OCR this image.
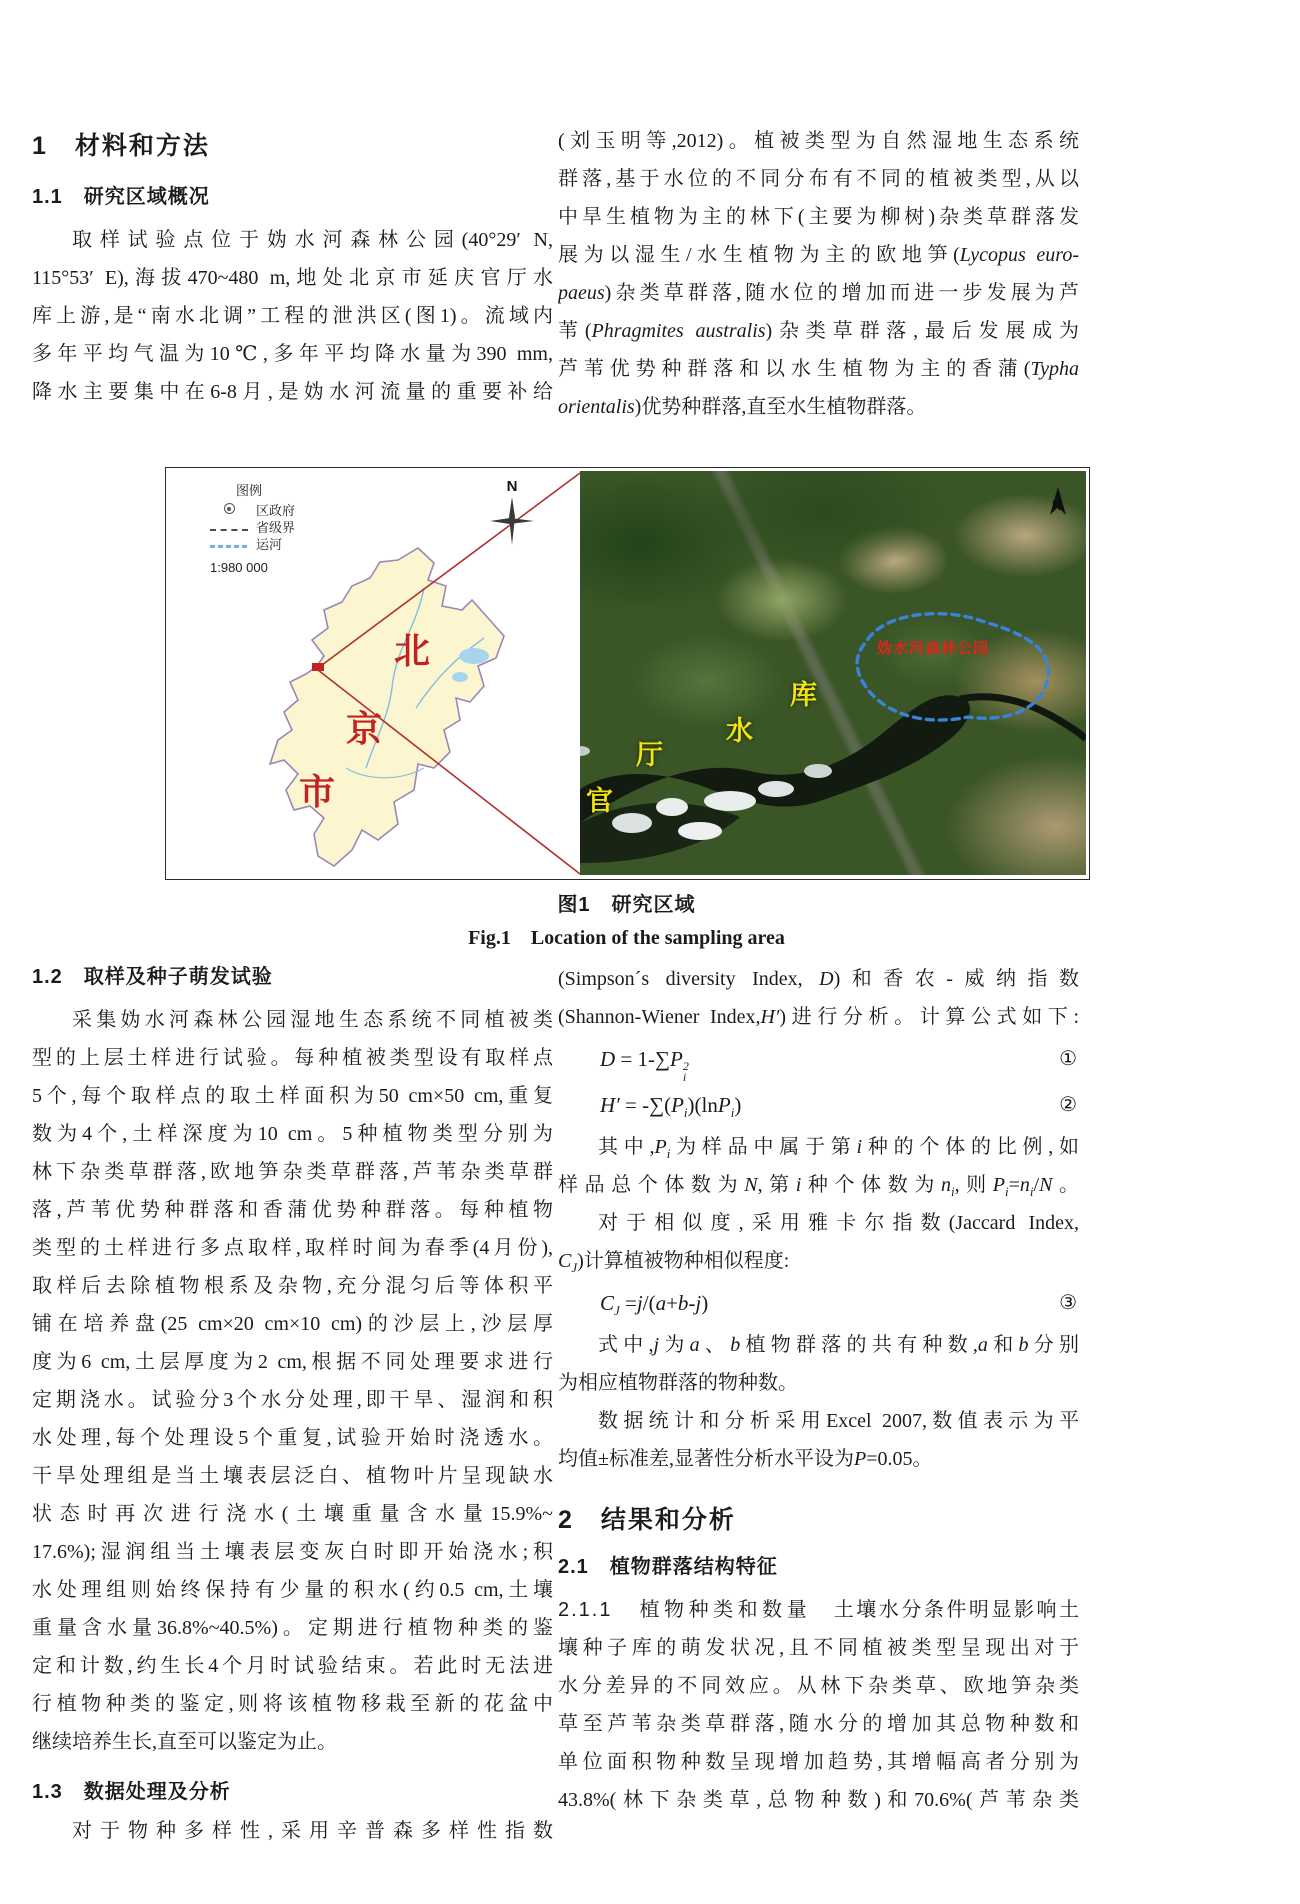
1　材料和方法
1.1　研究区域概况
取样试验点位于妫水河森林公园(40°29′ N,
115°53′ E),海拔470~480 m,地处北京市延庆官厅水
库上游,是“南水北调”工程的泄洪区(图1)。流域内
多年平均气温为10℃,多年平均降水量为390 mm,
降水主要集中在6-8月,是妫水河流量的重要补给
(刘玉明等,2012)。植被类型为自然湿地生态系统
群落,基于水位的不同分布有不同的植被类型,从以
中旱生植物为主的林下(主要为柳树)杂类草群落发
展为以湿生/水生植物为主的欧地笋(Lycopus euro-
paeus)杂类草群落,随水位的增加而进一步发展为芦
苇(Phragmites australis)杂类草群落,最后发展成为
芦苇优势种群落和以水生植物为主的香蒲(Typha
orientalis)优势种群落,直至水生植物群落。
图例
区政府
省级界
运河
1:980 000
N
北
京
市	官
厅
水
库
妫水河森林公园
N
图1　研究区域
Fig.1　Location of the sampling area
1.2　取样及种子萌发试验
采集妫水河森林公园湿地生态系统不同植被类
型的上层土样进行试验。每种植被类型设有取样点
5个,每个取样点的取土样面积为50 cm×50 cm,重复
数为4个,土样深度为10 cm。5种植物类型分别为
林下杂类草群落,欧地笋杂类草群落,芦苇杂类草群
落,芦苇优势种群落和香蒲优势种群落。每种植物
类型的土样进行多点取样,取样时间为春季(4月份),
取样后去除植物根系及杂物,充分混匀后等体积平
铺在培养盘(25 cm×20 cm×10 cm)的沙层上,沙层厚
度为6 cm,土层厚度为2 cm,根据不同处理要求进行
定期浇水。试验分3个水分处理,即干旱、湿润和积
水处理,每个处理设5个重复,试验开始时浇透水。
干旱处理组是当土壤表层泛白、植物叶片呈现缺水
状态时再次进行浇水(土壤重量含水量15.9%~
17.6%);湿润组当土壤表层变灰白时即开始浇水;积
水处理组则始终保持有少量的积水(约0.5 cm,土壤
重量含水量36.8%~40.5%)。定期进行植物种类的鉴
定和计数,约生长4个月时试验结束。若此时无法进
行植物种类的鉴定,则将该植物移栽至新的花盆中
继续培养生长,直至可以鉴定为止。
1.3　数据处理及分析
对于物种多样性,采用辛普森多样性指数
(Simpson´s diversity Index, D)和香农-威纳指数
(Shannon-Wiener Index,H′)进行分析。计算公式如下:
D = 1-∑P 2
i
①
$H' = -\sum(P_i)(\ln P_i)$	②
其中$,P_i$为样品中属于第i种的个体的比例,如
样品总个体数为N,第i种个体数为$n_i$,则$P_i=n_i/N$。
对于相似度,采用雅卡尔指数(Jaccard Index,
$C_J$)计算植被物种相似程度:
$C_J =j/(a+b-j)$	③
式中,j为a、b植物群落的共有种数,a和b分别
为相应植物群落的物种数。
数据统计和分析采用Excel 2007,数值表示为平
均值±标准差,显著性分析水平设为P=0.05。
2　结果和分析
2.1　植物群落结构特征
2.1.1　植物种类和数量　土壤水分条件明显影响土
壤种子库的萌发状况,且不同植被类型呈现出对于
水分差异的不同效应。从林下杂类草、欧地笋杂类
草至芦苇杂类草群落,随水分的增加其总物种数和
单位面积物种数呈现增加趋势,其增幅高者分别为
43.8%(林下杂类草,总物种数)和70.6%(芦苇杂类
